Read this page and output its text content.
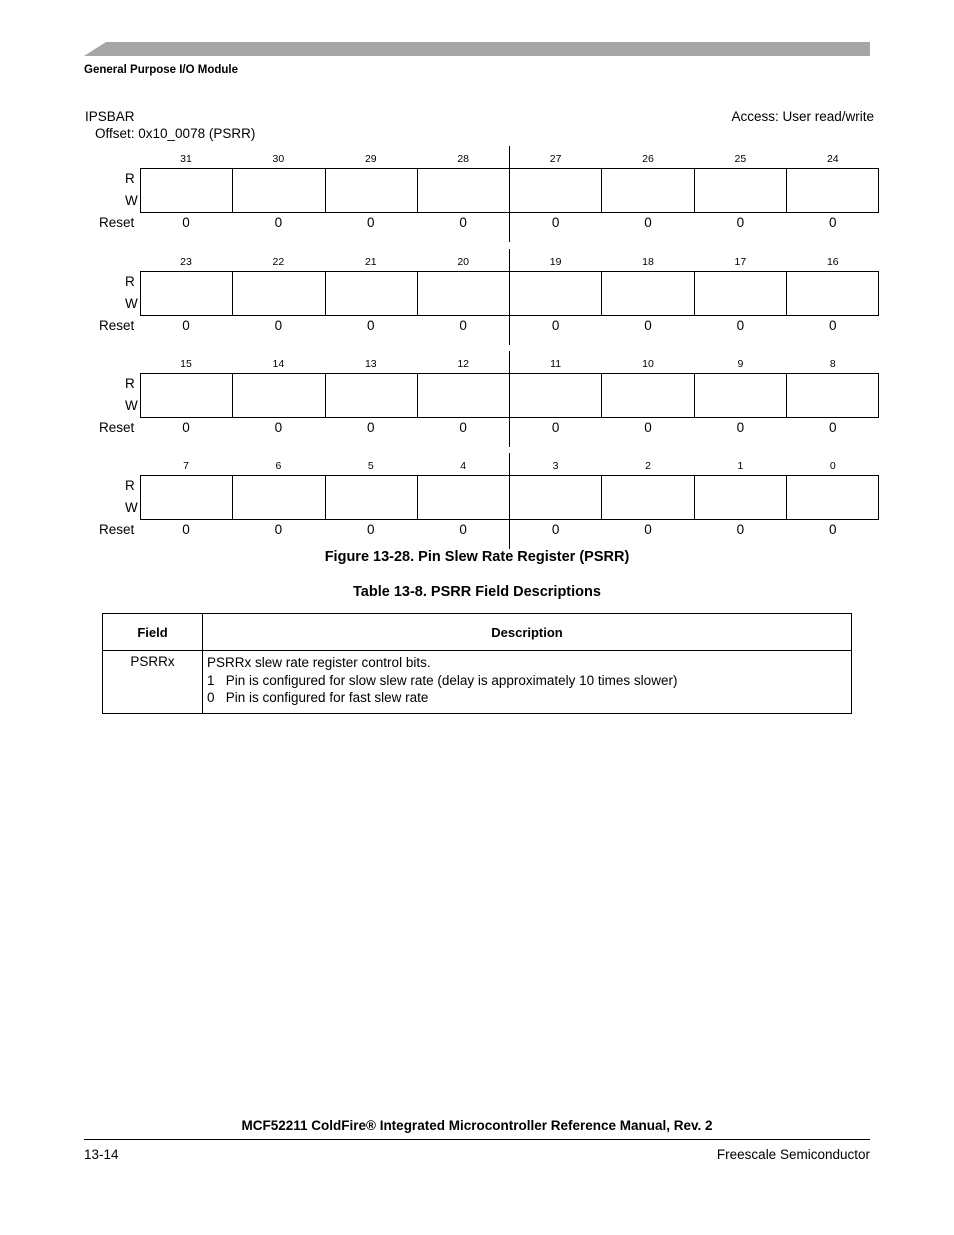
General Purpose I/O Module
IPSBAR
Offset: 0x10_0078 (PSRR)
Access: User read/write
31	30	29	28	27	26	25	24
R
W
Reset	0	0	0	0	0	0	0	0
23	22	21	20	19	18	17	16
R
W
Reset	0	0	0	0	0	0	0	0
15	14	13	12	11	10	9	8
R
W
Reset	0	0	0	0	0	0	0	0
7	6	5	4	3	2	1	0
R
W
Reset	0	0	0	0	0	0	0	0
Figure 13-28. Pin Slew Rate Register (PSRR)
Table 13-8. PSRR Field Descriptions
Field	Description
PSRRx	PSRRx slew rate register control bits.
1   Pin is configured for slow slew rate (delay is approximately 10 times slower)
0   Pin is configured for fast slew rate
MCF52211 ColdFire® Integrated Microcontroller Reference Manual, Rev. 2
13-14	Freescale Semiconductor
